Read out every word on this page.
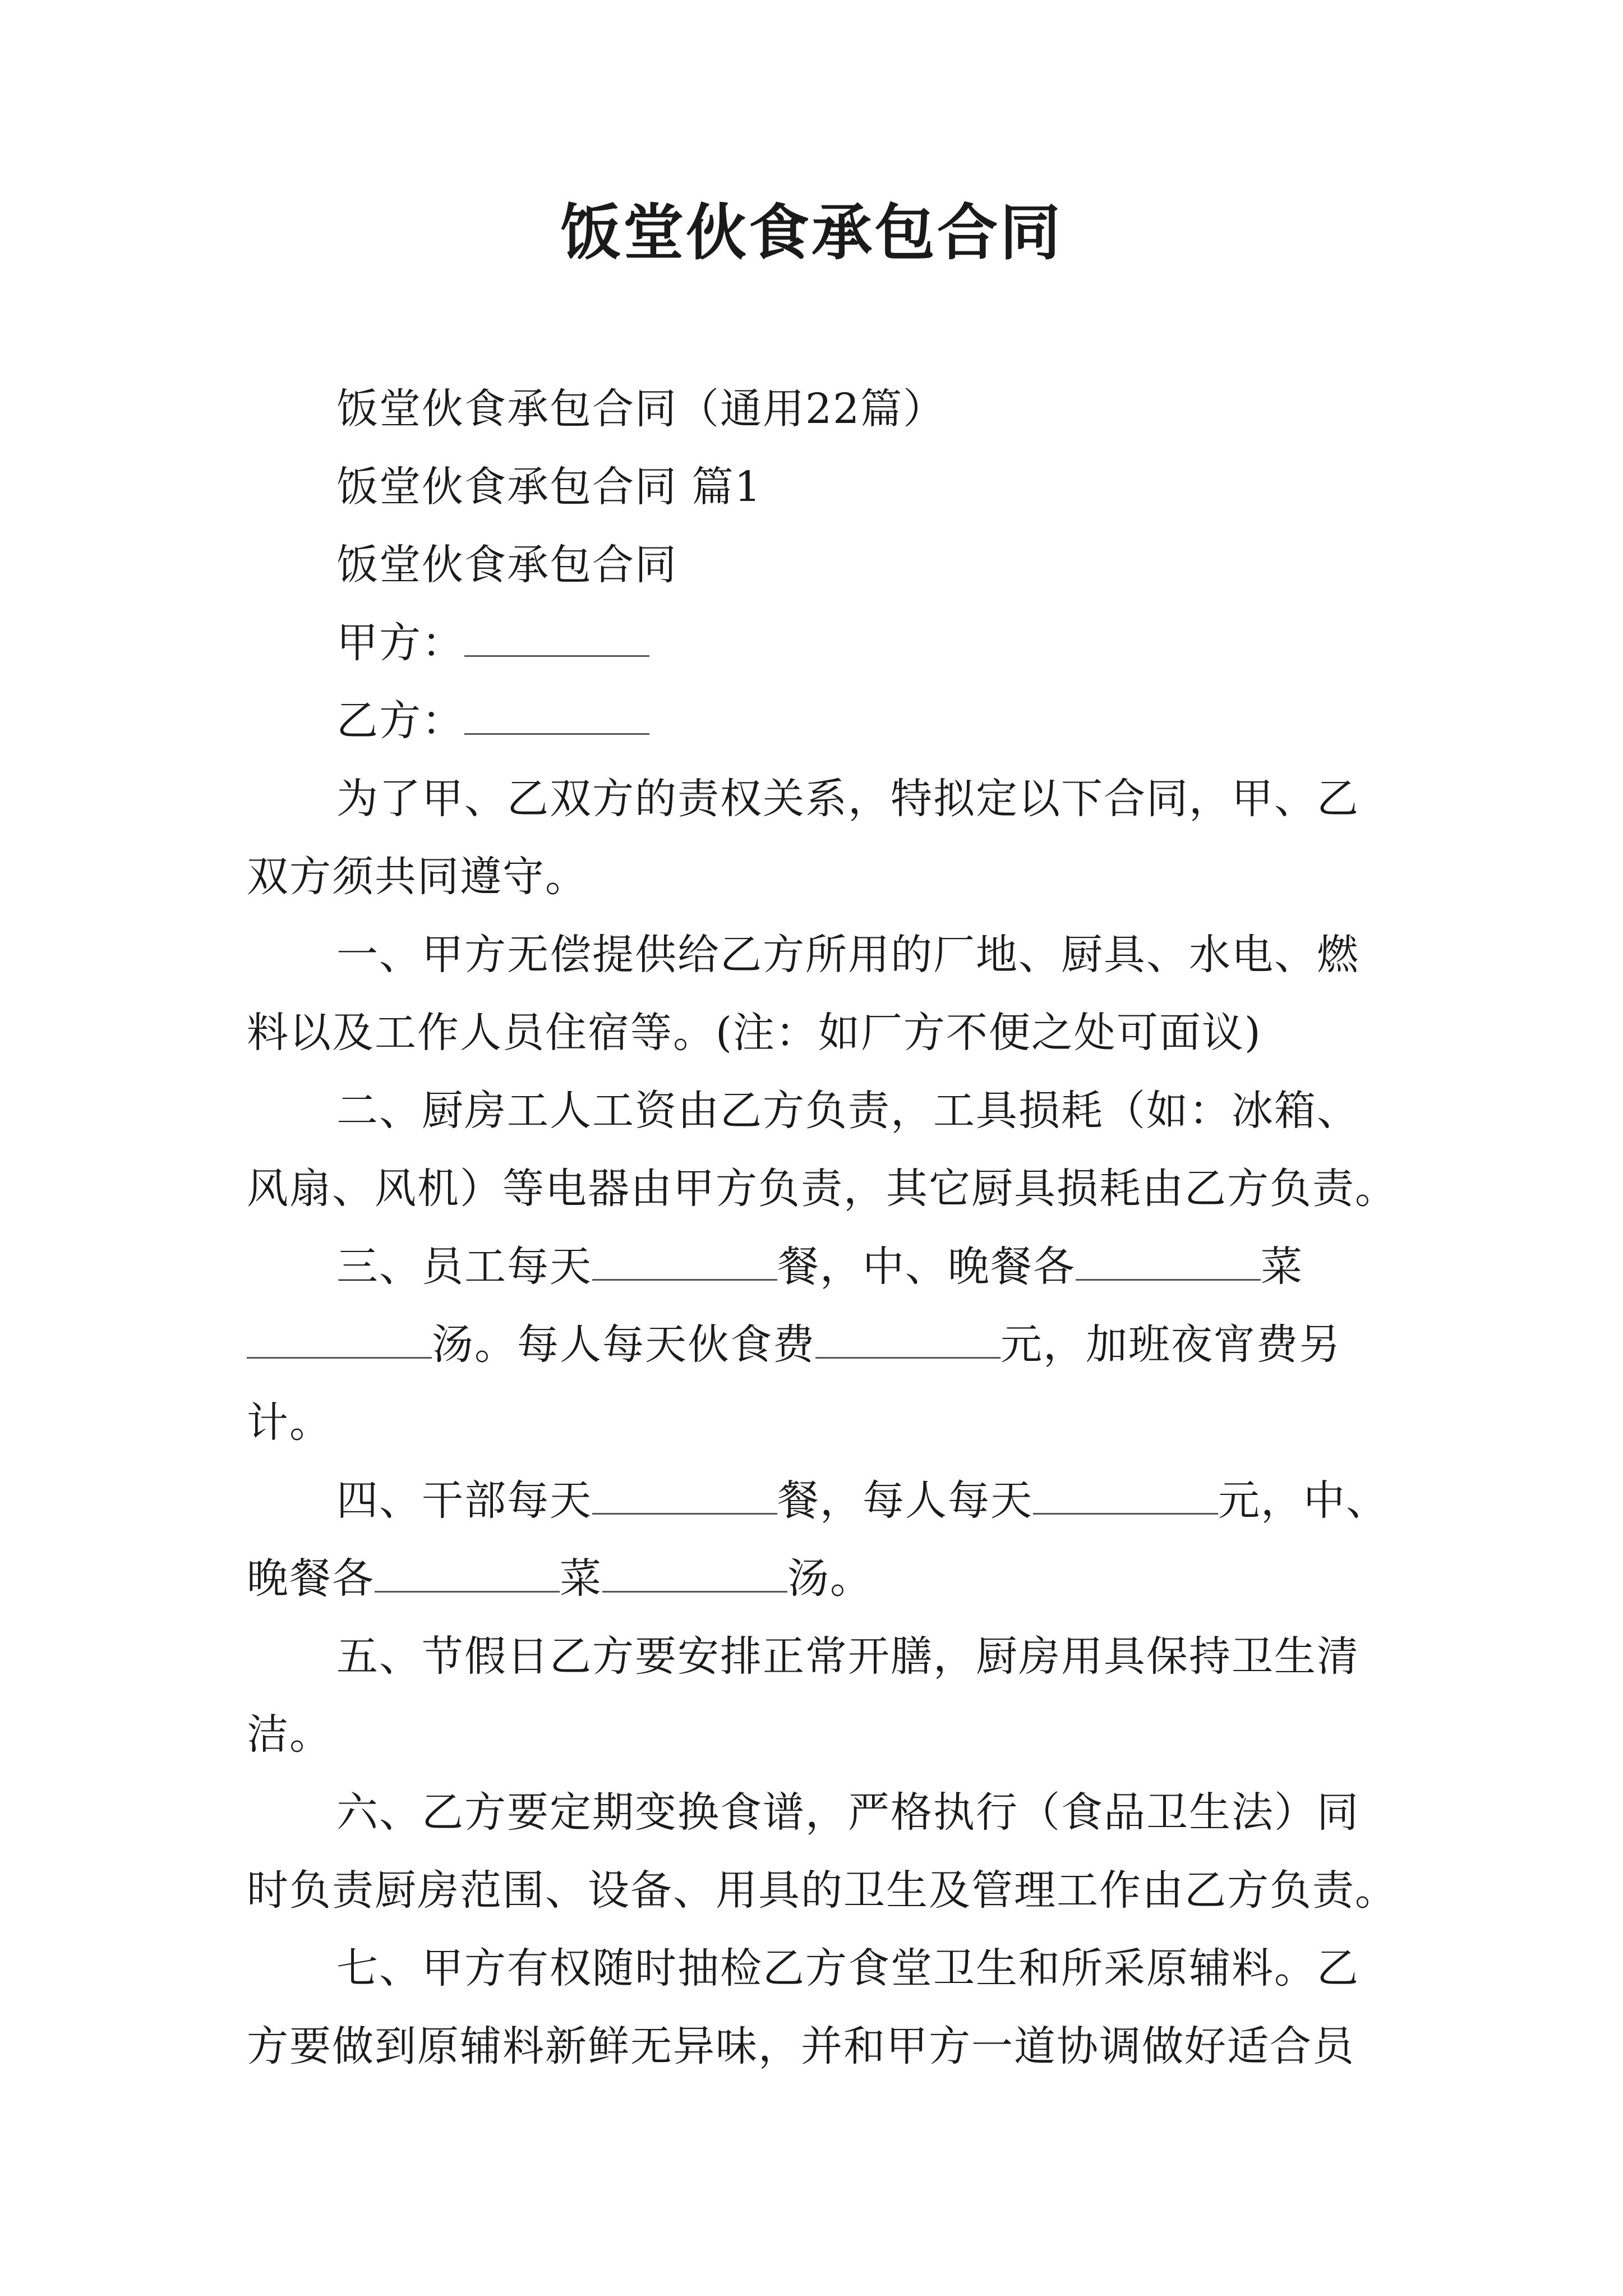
饭堂伙食承包合同
饭堂伙食承包合同（通用22篇）
饭堂伙食承包合同 篇1
饭堂伙食承包合同
甲方：
乙方：
为了甲、乙双方的责权关系，特拟定以下合同，甲、乙
双方须共同遵守。
一、甲方无偿提供给乙方所用的厂地、厨具、水电、燃
料以及工作人员住宿等。(注：如厂方不便之处可面议)
二、厨房工人工资由乙方负责，工具损耗（如：冰箱、
风扇、风机）等电器由甲方负责，其它厨具损耗由乙方负责。
三、员工每天	餐，中、晚餐各	菜
汤。每人每天伙食费	元，加班夜宵费另
计。
四、干部每天	餐，每人每天	元，中、
晚餐各	菜	汤。
五、节假日乙方要安排正常开膳，厨房用具保持卫生清
洁。
六、乙方要定期变换食谱，严格执行（食品卫生法）同
时负责厨房范围、设备、用具的卫生及管理工作由乙方负责。
七、甲方有权随时抽检乙方食堂卫生和所采原辅料。乙
方要做到原辅料新鲜无异味，并和甲方一道协调做好适合员
